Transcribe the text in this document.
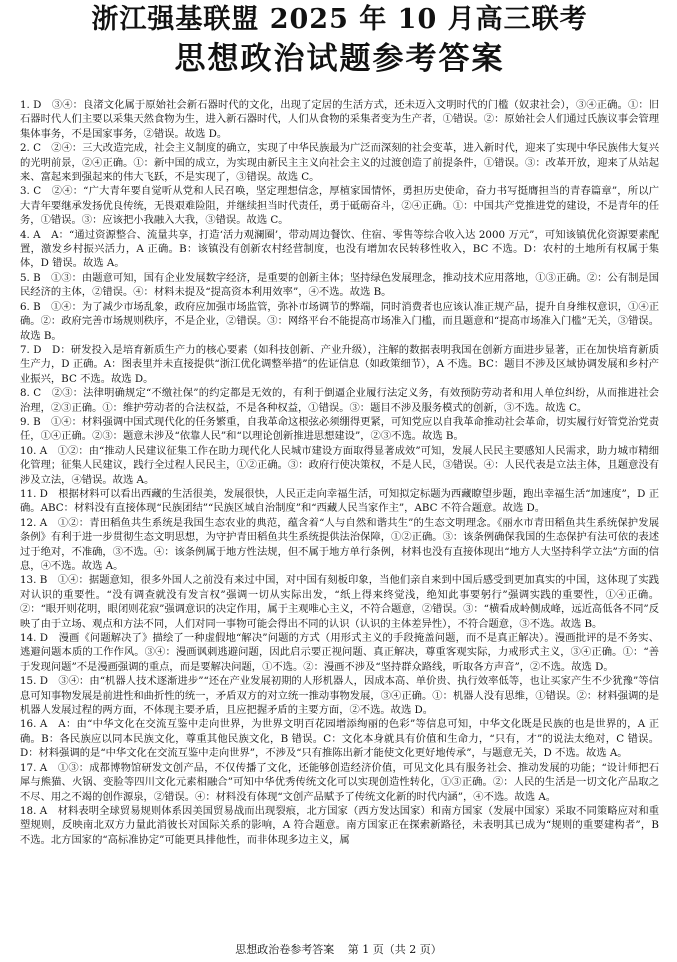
浙江强基联盟 2025 年 10 月高三联考
思想政治试题参考答案

1. D　③④：良渚文化属于原始社会新石器时代的文化，出现了定居的生活方式，还未迈入文明时代的门槛（奴隶社会），③④正确。①：旧石器时代人们主要以采集天然食物为生，进入新石器时代，人们从食物的采集者变为生产者，①错误。②：原始社会人们通过氏族议事会管理集体事务，不是国家事务，②错误。故选 D。

2. C　②④：三大改造完成，社会主义制度的确立，实现了中华民族最为广泛而深刻的社会变革，进入新时代，迎来了实现中华民族伟大复兴的光明前景，②④正确。①：新中国的成立，为实现由新民主主义向社会主义的过渡创造了前提条件，①错误。③：改革开放，迎来了从站起来、富起来到强起来的伟大飞跃，不是实现了，③错误。故选 C。

3. C　②④：“广大青年要自觉听从党和人民召唤，坚定理想信念，厚植家国情怀，勇担历史使命，奋力书写挺膺担当的青春篇章”，所以广大青年要继承发扬优良传统，无畏艰难险阻，并继续担当时代责任，勇于砥砺奋斗，②④正确。①：中国共产党推进党的建设，不是青年的任务，①错误。③：应该把小我融入大我，③错误。故选 C。

4. A　A：“通过资源整合、流量共享，打造‘活力观澜圈’，带动周边餐饮、住宿、零售等综合收入达 2000 万元”，可知该镇优化资源要素配置，激发乡村振兴活力，A 正确。B：该镇没有创新农村经营制度，也没有增加农民转移性收入，BC 不选。D：农村的土地所有权属于集体，D 错误。故选 A。

5. B　①③：由题意可知，国有企业发展数字经济，是重要的创新主体；坚持绿色发展理念，推动技术应用落地，①③正确。②：公有制是国民经济的主体，②错误。④：材料未提及“提高资本利用效率”，④不选。故选 B。

6. B　①④：为了减少市场乱象，政府应加强市场监管，弥补市场调节的弊端，同时消费者也应该认准正规产品，提升自身维权意识，①④正确。②：政府完善市场规则秩序，不是企业，②错误。③：网络平台不能提高市场准入门槛，而且题意和“提高市场准入门槛”无关，③错误。故选 B。

7. D　D：研发投入是培育新质生产力的核心要素（如科技创新、产业升级），注解的数据表明我国在创新方面进步显著，正在加快培育新质生产力，D 正确。A：图表里并未直接提供“浙江优化调整举措”的佐证信息（如政策细节），A 不选。BC：题目不涉及区域协调发展和乡村产业振兴，BC 不选。故选 D。

8. C　②③：法律明确规定“不缴社保”的约定都是无效的，有利于倒逼企业履行法定义务，有效预防劳动者和用人单位纠纷，从而推进社会治理，②③正确。①：维护劳动者的合法权益，不是各种权益，①错误。③：题目不涉及服务模式的创新，③不选。故选 C。

9. B　①④：材料强调中国式现代化的任务繁重，自我革命这根弦必须绷得更紧，可知党应以自我革命推动社会革命，切实履行好管党治党责任，①④正确。②③：题意未涉及“依靠人民”和“以理论创新推进思想建设”，②③不选。故选 B。

10. A　①②：由“推动人民建议征集工作在助力现代化人民城市建设方面取得显著成效”可知，发展人民民主要感知人民需求，助力城市精细化管理；征集人民建议，践行全过程人民民主，①②正确。③：政府行使决策权，不是人民，③错误。④：人民代表是立法主体，且题意没有涉及立法，④错误。故选 A。

11. D　根据材料可以看出西藏的生活很美，发展很快，人民正走向幸福生活，可知拟定标题为西藏瞭望步题，跑出幸福生活“加速度”，D 正确。ABC：材料没有直接体现“民族团结”“民族区域自治制度”和“西藏人民当家作主”，ABC 不符合题意。故选 D。

12. A　①②：青田稻鱼共生系统是我国生态农业的典范，蕴含着“人与自然和谐共生”的生态文明理念。《丽水市青田稻鱼共生系统保护发展条例》有利于进一步贯彻生态文明思想，为守护青田稻鱼共生系统提供法治保障，①②正确。③：该条例确保我国的生态保护有法可依的表述过于绝对，不准确，③不选。④：该条例属于地方性法规，但不属于地方单行条例，材料也没有直接体现出“地方人大坚持科学立法”方面的信息，④不选。故选 A。

13. B　①④：据题意知，很多外国人之前没有来过中国，对中国有刻板印象，当他们亲自来到中国后感受到更加真实的中国，这体现了实践对认识的重要性。“没有调查就没有发言权”强调一切从实际出发，“纸上得来终觉浅，绝知此事要躬行”强调实践的重要性，①④正确。②：“眼开则花明，眼闭则花寂”强调意识的决定作用，属于主观唯心主义，不符合题意，②错误。③：“横看成岭侧成峰，远近高低各不同”反映了由于立场、观点和方法不同，人们对同一事物可能会得出不同的认识（认识的主体差异性），不符合题意，③不选。故选 B。

14. D　漫画《问题解决了》描绘了一种虚假地“解决”问题的方式（用形式主义的手段掩盖问题，而不是真正解决）。漫画批评的是不务实、逃避问题本质的工作作风。③④：漫画讽刺逃避问题，因此启示要正视问题、真正解决，尊重客观实际，力戒形式主义，③④正确。①：“善于发现问题”不是漫画强调的重点，而是要解决问题，①不选。②：漫画不涉及“坚持群众路线，听取各方声音”，②不选。故选 D。

15. D　③④：由“机器人技术逐渐进步”“还在产业发展初期的人形机器人，因成本高、单价贵、执行效率低等，也让买家产生不少犹豫”等信息可知事物发展是前进性和曲折性的统一，矛盾双方的对立统一推动事物发展，③④正确。①：机器人没有思维，①错误。②：材料强调的是机器人发展过程的两方面，不体现主要矛盾，且应把握矛盾的主要方面，②不选。故选 D。

16. A　A：由“中华文化在交流互鉴中走向世界，为世界文明百花园增添绚丽的色彩”等信息可知，中华文化既是民族的也是世界的，A 正确。B：各民族应以同本民族文化，尊重其他民族文化，B 错误。C：文化本身就具有价值和生命力，“只有，才”的说法太绝对，C 错误。D：材料强调的是“中华文化在交流互鉴中走向世界”，不涉及“只有推陈出新才能使文化更好地传承”，与题意无关，D 不选。故选 A。

17. A　①③：成都博物馆研发文创产品，不仅传播了文化，还能够创造经济价值，可见文化具有服务社会、推动发展的功能；“设计师把石犀与熊猫、火锅、变脸等四川文化元素相融合”可知中华优秀传统文化可以实现创造性转化，①③正确。②：人民的生活是一切文化产品取之不尽、用之不竭的创作源泉，②错误。④：材料没有体现“文创产品赋予了传统文化新的时代内涵”，④不选。故选 A。

18. A　材料表明全球贸易规则体系因美国贸易战而出现裂痕，北方国家（西方发达国家）和南方国家（发展中国家）采取不同策略应对和重塑规则，反映南北双方力量此消彼长对国际关系的影响，A 符合题意。南方国家正在探索新路径，未表明其已成为“规则的重要建构者”，B 不选。北方国家的“高标准协定”可能更具排他性，而非体现多边主义，属

思想政治卷参考答案 第 1 页（共 2 页）
